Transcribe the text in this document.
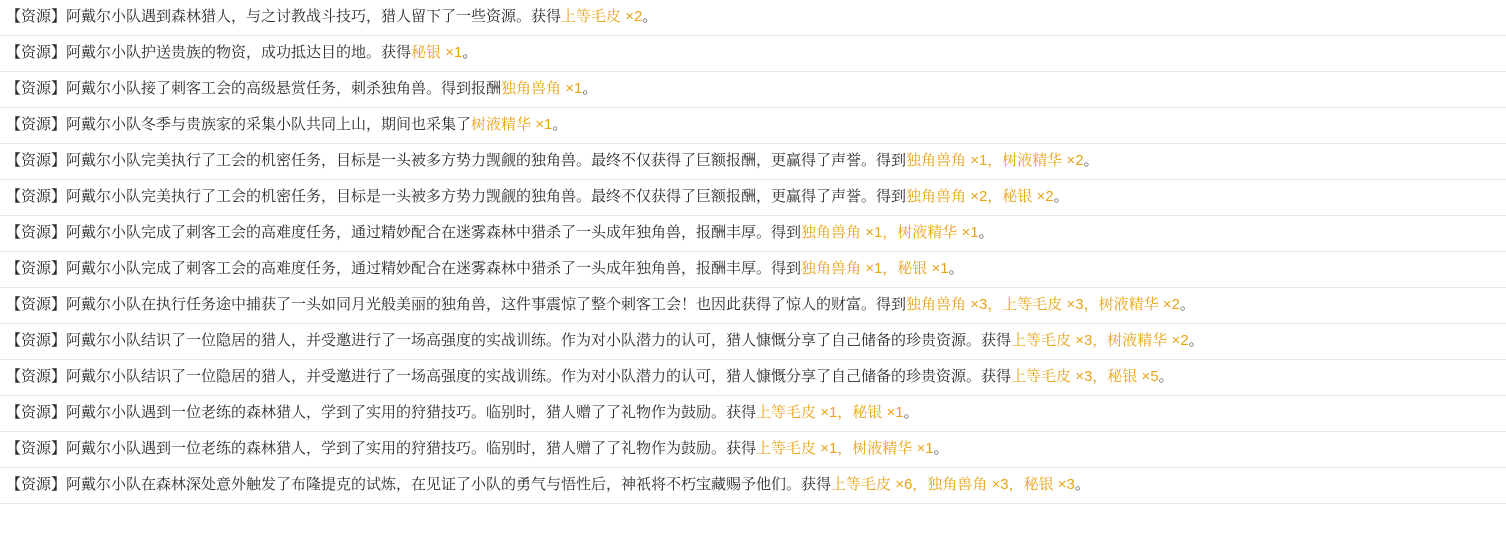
【资源】阿戴尔小队遇到森林猎人，与之讨教战斗技巧，猎人留下了一些资源。获得上等毛皮 ×2。
【资源】阿戴尔小队护送贵族的物资，成功抵达目的地。获得秘银 ×1。
【资源】阿戴尔小队接了刺客工会的高级悬赏任务，刺杀独角兽。得到报酬独角兽角 ×1。
【资源】阿戴尔小队冬季与贵族家的采集小队共同上山，期间也采集了树液精华 ×1。
【资源】阿戴尔小队完美执行了工会的机密任务，目标是一头被多方势力觊觎的独角兽。最终不仅获得了巨额报酬，更赢得了声誉。得到独角兽角 ×1，树液精华 ×2。
【资源】阿戴尔小队完美执行了工会的机密任务，目标是一头被多方势力觊觎的独角兽。最终不仅获得了巨额报酬，更赢得了声誉。得到独角兽角 ×2，秘银 ×2。
【资源】阿戴尔小队完成了刺客工会的高难度任务，通过精妙配合在迷雾森林中猎杀了一头成年独角兽，报酬丰厚。得到独角兽角 ×1，树液精华 ×1。
【资源】阿戴尔小队完成了刺客工会的高难度任务，通过精妙配合在迷雾森林中猎杀了一头成年独角兽，报酬丰厚。得到独角兽角 ×1，秘银 ×1。
【资源】阿戴尔小队在执行任务途中捕获了一头如同月光般美丽的独角兽，这件事震惊了整个刺客工会！也因此获得了惊人的财富。得到独角兽角 ×3，上等毛皮 ×3，树液精华 ×2。
【资源】阿戴尔小队结识了一位隐居的猎人，并受邀进行了一场高强度的实战训练。作为对小队潜力的认可，猎人慷慨分享了自己储备的珍贵资源。获得上等毛皮 ×3，树液精华 ×2。
【资源】阿戴尔小队结识了一位隐居的猎人，并受邀进行了一场高强度的实战训练。作为对小队潜力的认可，猎人慷慨分享了自己储备的珍贵资源。获得上等毛皮 ×3，秘银 ×5。
【资源】阿戴尔小队遇到一位老练的森林猎人，学到了实用的狩猎技巧。临别时，猎人赠了了礼物作为鼓励。获得上等毛皮 ×1，秘银 ×1。
【资源】阿戴尔小队遇到一位老练的森林猎人，学到了实用的狩猎技巧。临别时，猎人赠了了礼物作为鼓励。获得上等毛皮 ×1，树液精华 ×1。
【资源】阿戴尔小队在森林深处意外触发了布隆提克的试炼，在见证了小队的勇气与悟性后，神祇将不朽宝藏赐予他们。获得上等毛皮 ×6，独角兽角 ×3，秘银 ×3。
